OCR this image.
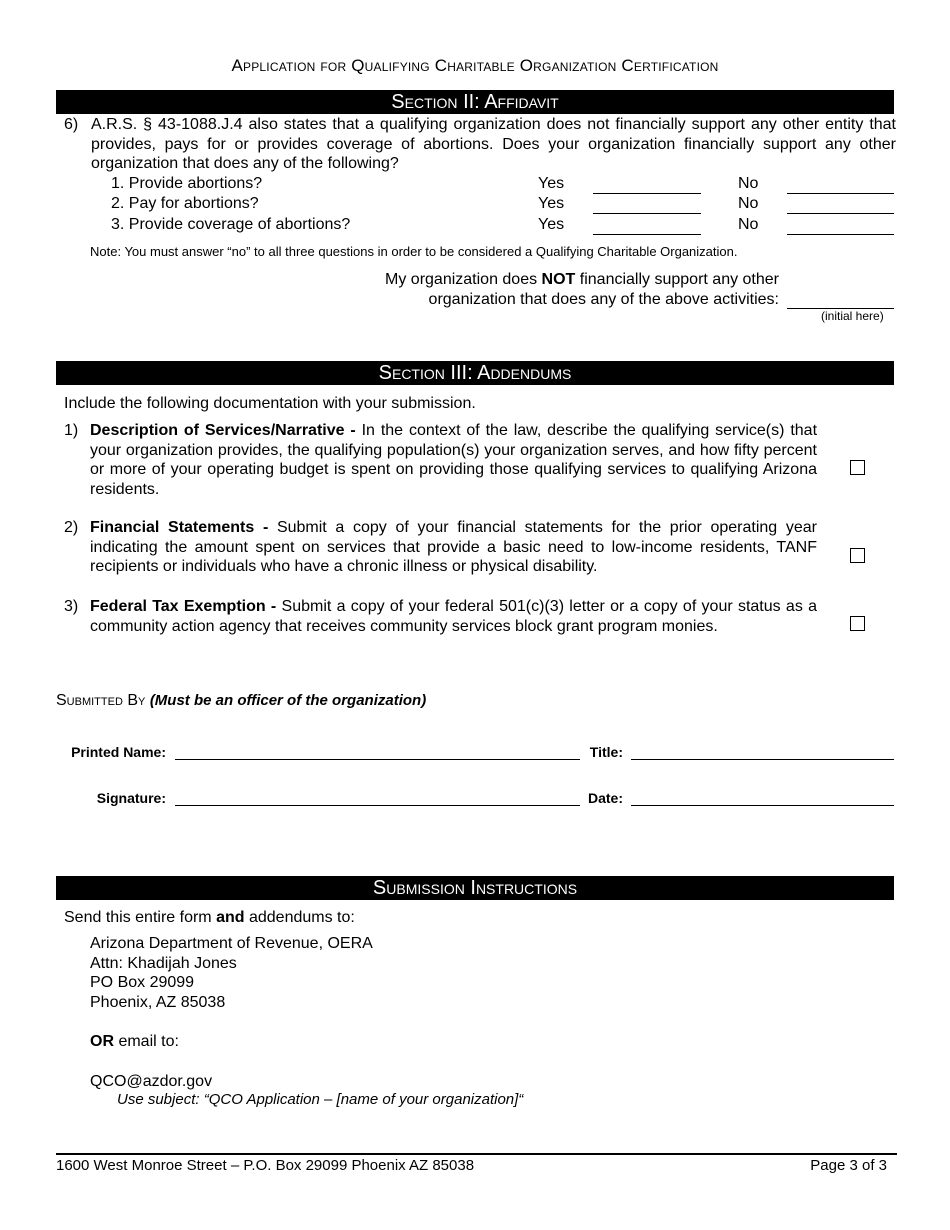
Application for Qualifying Charitable Organization Certification
Section II: Affidavit
6) A.R.S. § 43-1088.J.4 also states that a qualifying organization does not financially support any other entity that provides, pays for or provides coverage of abortions. Does your organization financially support any other organization that does any of the following?
1. Provide abortions?	Yes	No
2. Pay for abortions?	Yes	No
3. Provide coverage of abortions?	Yes	No
Note: You must answer “no” to all three questions in order to be considered a Qualifying Charitable Organization.
My organization does NOT financially support any other
organization that does any of the above activities:
(initial here)
Section III: Addendums
Include the following documentation with your submission.
1) Description of Services/Narrative - In the context of the law, describe the qualifying service(s) that your organization provides, the qualifying population(s) your organization serves, and how fifty percent or more of your operating budget is spent on providing those qualifying services to qualifying Arizona residents.
2) Financial Statements - Submit a copy of your financial statements for the prior operating year indicating the amount spent on services that provide a basic need to low-income residents, TANF recipients or individuals who have a chronic illness or physical disability.
3) Federal Tax Exemption - Submit a copy of your federal 501(c)(3) letter or a copy of your status as a community action agency that receives community services block grant program monies.
Submitted By (Must be an officer of the organization)
Printed Name:	Title:
Signature:	Date:
Submission Instructions
Send this entire form and addendums to:
Arizona Department of Revenue, OERA
Attn: Khadijah Jones
PO Box 29099
Phoenix, AZ 85038
OR email to:
QCO@azdor.gov
Use subject: “QCO Application – [name of your organization]“
1600 West Monroe Street – P.O. Box 29099 Phoenix AZ 85038	Page 3 of 3
